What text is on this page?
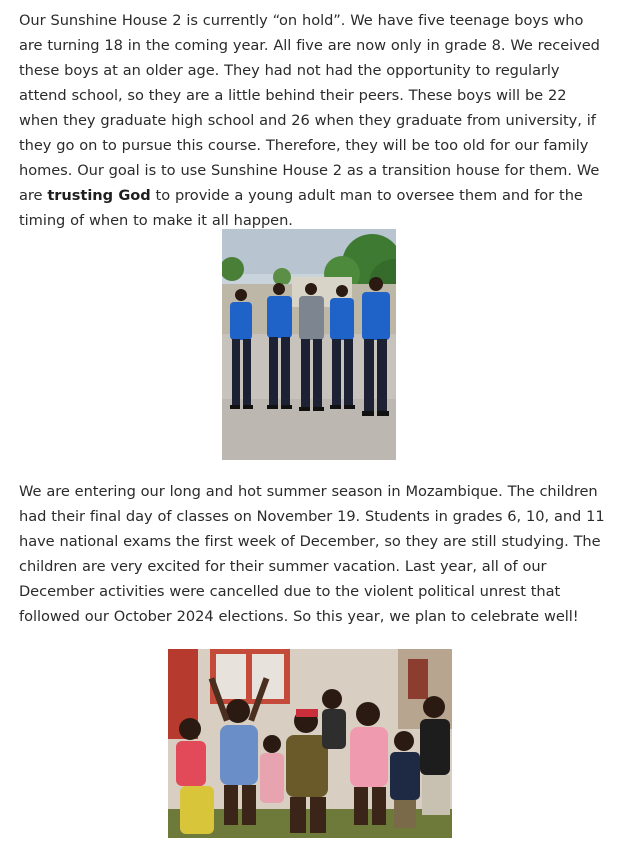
Our Sunshine House 2 is currently “on hold”. We have five teenage boys who are turning 18 in the coming year. All five are now only in grade 8. We received these boys at an older age. They had not had the opportunity to regularly attend school, so they are a little behind their peers. These boys will be 22 when they graduate high school and 26 when they graduate from university, if they go on to pursue this course. Therefore, they will be too old for our family homes. Our goal is to use Sunshine House 2 as a transition house for them. We are trusting God to provide a young adult man to oversee them and for the timing of when to make it all happen.

We are entering our long and hot summer season in Mozambique. The children had their final day of classes on November 19. Students in grades 6, 10, and 11 have national exams the first week of December, so they are still studying. The children are very excited for their summer vacation. Last year, all of our December activities were cancelled due to the violent political unrest that followed our October 2024 elections. So this year, we plan to celebrate well!
